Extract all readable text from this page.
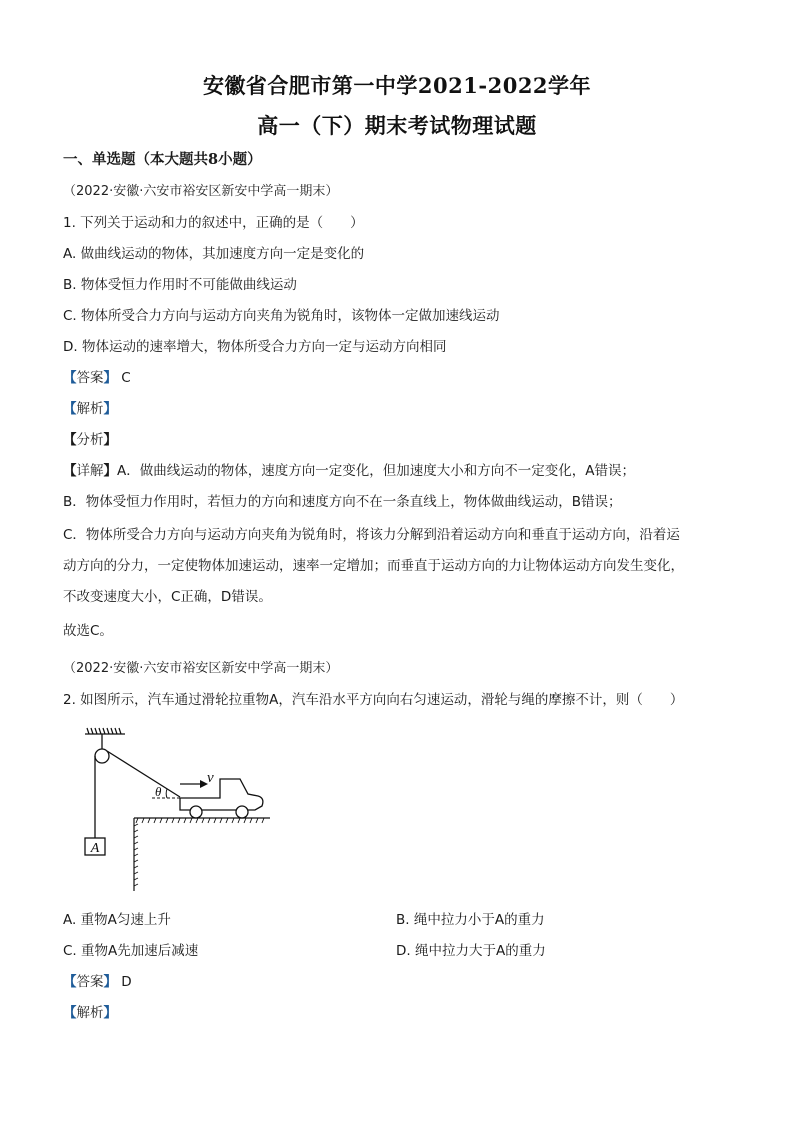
安徽省合肥市第一中学2021-2022学年
高一（下）期末考试物理试题
一、单选题（本大题共8小题）
（2022·安徽·六安市裕安区新安中学高一期末）
1. 下列关于运动和力的叙述中，正确的是（　　）
A. 做曲线运动的物体，其加速度方向一定是变化的
B. 物体受恒力作用时不可能做曲线运动
C. 物体所受合力方向与运动方向夹角为锐角时，该物体一定做加速线运动
D. 物体运动的速率增大，物体所受合力方向一定与运动方向相同
【答案】 C
【解析】
【分析】
【详解】A．做曲线运动的物体，速度方向一定变化，但加速度大小和方向不一定变化，A错误；
B．物体受恒力作用时，若恒力的方向和速度方向不在一条直线上，物体做曲线运动，B错误；
C．物体所受合力方向与运动方向夹角为锐角时，将该力分解到沿着运动方向和垂直于运动方向，沿着运
动方向的分力，一定使物体加速运动，速率一定增加；而垂直于运动方向的力让物体运动方向发生变化，
不改变速度大小，C正确，D错误。
故选C。
（2022·安徽·六安市裕安区新安中学高一期末）
2. 如图所示，汽车通过滑轮拉重物A，汽车沿水平方向向右匀速运动，滑轮与绳的摩擦不计，则（　　）
A
θ
v
A. 重物A匀速上升	B. 绳中拉力小于A的重力
C. 重物A先加速后减速	D. 绳中拉力大于A的重力
【答案】 D
【解析】
